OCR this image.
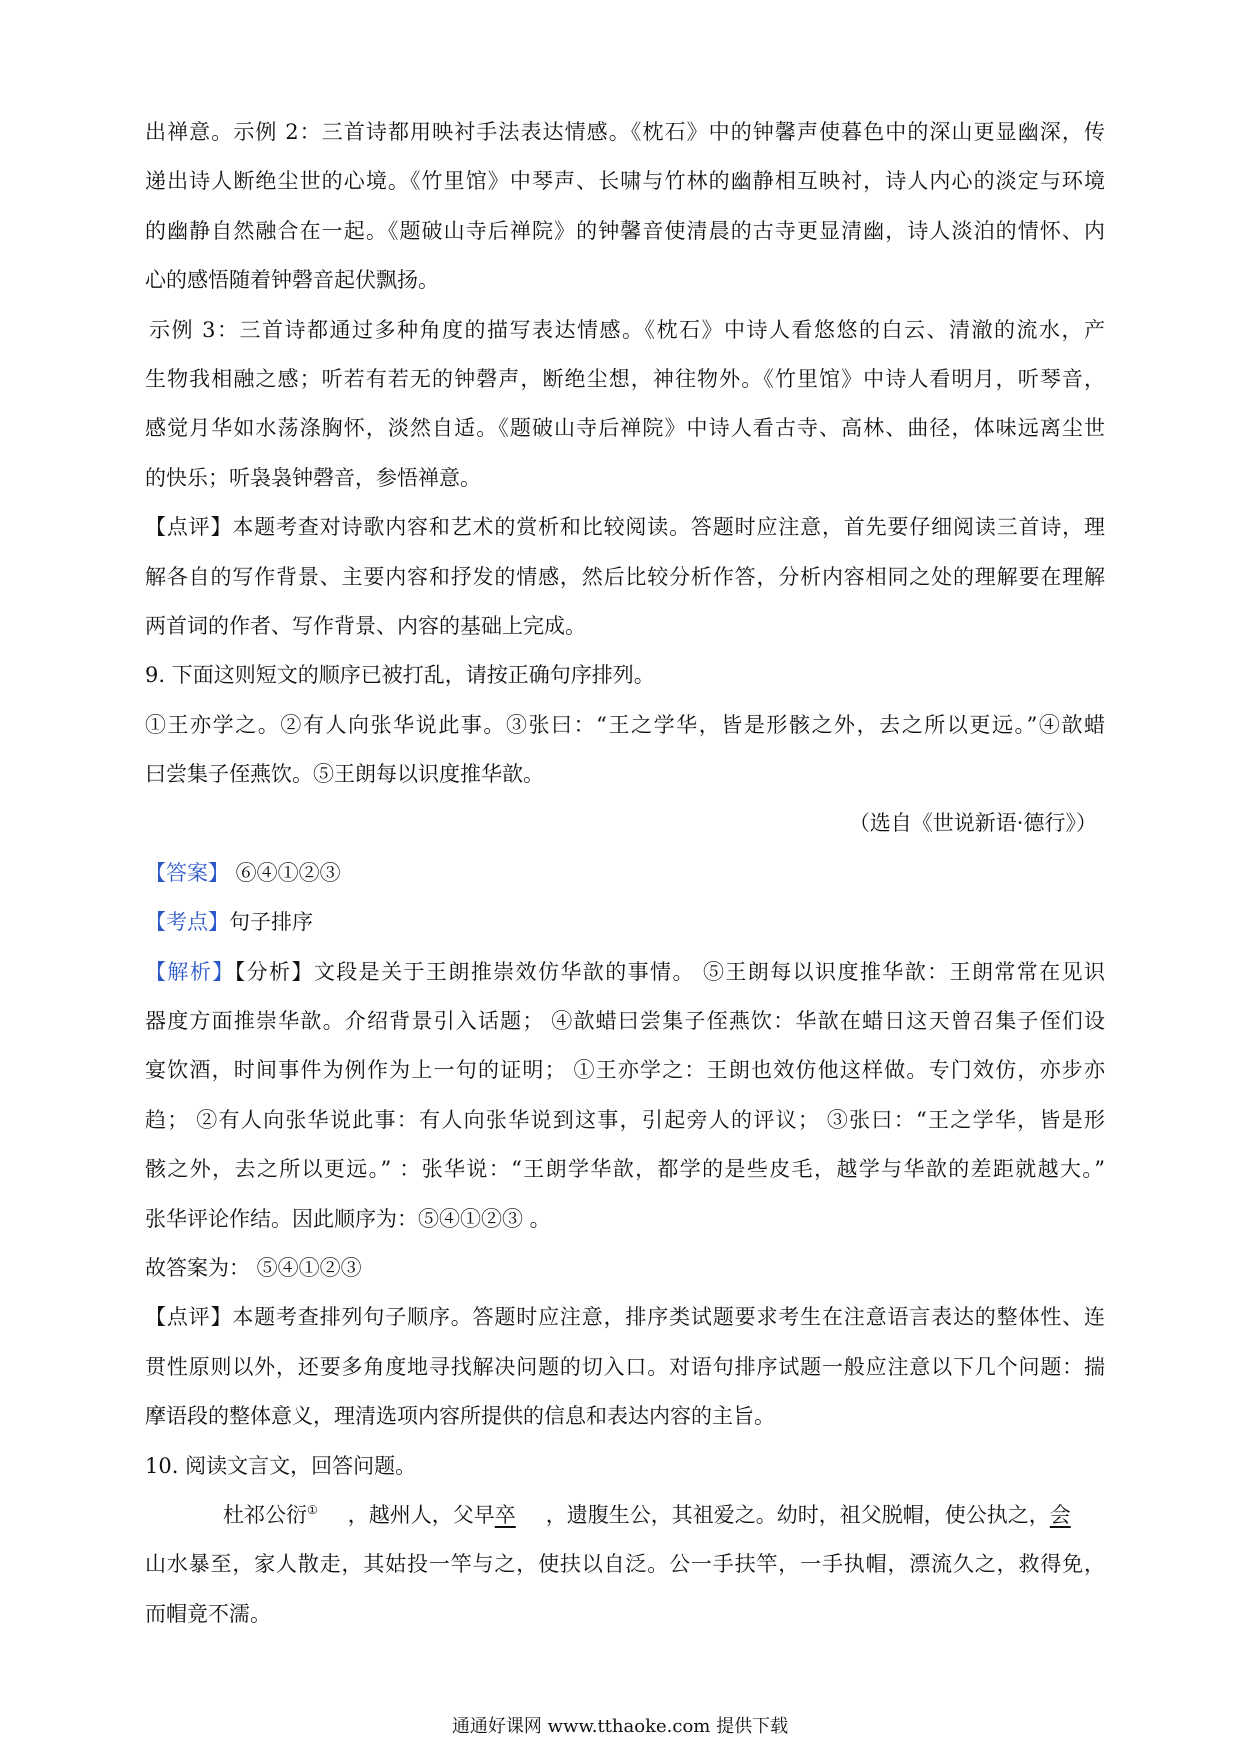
出禅意。示例 2：三首诗都用映衬手法表达情感。《枕石》中的钟馨声使暮色中的深山更显幽深，传
递出诗人断绝尘世的心境。《竹里馆》中琴声、长啸与竹林的幽静相互映衬，诗人内心的淡定与环境
的幽静自然融合在一起。《题破山寺后禅院》的钟馨音使清晨的古寺更显清幽，诗人淡泊的情怀、内
心的感悟随着钟磬音起伏飘扬。
示例 3：三首诗都通过多种角度的描写表达情感。《枕石》中诗人看悠悠的白云、清澈的流水，产
生物我相融之感；听若有若无的钟磬声，断绝尘想，神往物外。《竹里馆》中诗人看明月，听琴音，
感觉月华如水荡涤胸怀，淡然自适。《题破山寺后禅院》中诗人看古寺、高林、曲径，体味远离尘世
的快乐；听袅袅钟磬音，参悟禅意。
【点评】本题考查对诗歌内容和艺术的赏析和比较阅读。答题时应注意，首先要仔细阅读三首诗，理
解各自的写作背景、主要内容和抒发的情感，然后比较分析作答，分析内容相同之处的理解要在理解
两首词的作者、写作背景、内容的基础上完成。
9. 下面这则短文的顺序已被打乱，请按正确句序排列。
①王亦学之。②有人向张华说此事。③张曰：“王之学华，皆是形骸之外，去之所以更远。”④歆蜡
曰尝集子侄燕饮。⑤王朗每以识度推华歆。
（选自《世说新语·德行》）
【答案】 ⑥④①②③
【考点】句子排序
【解析】【分析】文段是关于王朗推崇效仿华歆的事情。 ⑤王朗每以识度推华歆：王朗常常在见识
器度方面推崇华歆。介绍背景引入话题； ④歆蜡曰尝集子侄燕饮：华歆在蜡日这天曾召集子侄们设
宴饮酒，时间事件为例作为上一句的证明； ①王亦学之：王朗也效仿他这样做。专门效仿，亦步亦
趋； ②有人向张华说此事：有人向张华说到这事，引起旁人的评议； ③张曰：“王之学华，皆是形
骸之外，去之所以更远。” ：张华说：“王朗学华歆，都学的是些皮毛，越学与华歆的差距就越大。”
张华评论作结。因此顺序为：⑤④①②③ 。
故答案为： ⑤④①②③
【点评】本题考查排列句子顺序。答题时应注意，排序类试题要求考生在注意语言表达的整体性、连
贯性原则以外，还要多角度地寻找解决问题的切入口。对语句排序试题一般应注意以下几个问题：揣
摩语段的整体意义，理清选项内容所提供的信息和表达内容的主旨。
10. 阅读文言文，回答问题。
杜祁公衍① ，越州人，父早卒 ，遗腹生公，其祖爱之。幼时，祖父脱帽，使公执之，会
山水暴至，家人散走，其姑投一竿与之，使扶以自泛。公一手扶竿，一手执帽，漂流久之，救得免，
而帽竟不濡。
通通好课网 www.tthaoke.com 提供下载
